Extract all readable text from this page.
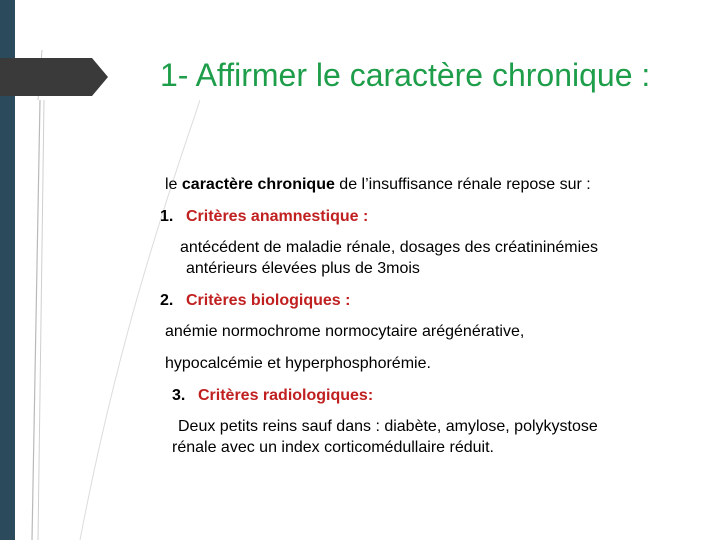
1- Affirmer le caractère chronique :
le caractère chronique de l’insuffisance rénale repose sur :
1. Critères anamnestique :
antécédent de maladie rénale, dosages des créatininémies
antérieurs élevées plus de 3mois
2. Critères biologiques :
anémie normochrome normocytaire arégénérative,
hypocalcémie et hyperphosphorémie.
3. Critères radiologiques:
Deux petits reins sauf dans : diabète, amylose, polykystose
rénale avec un index corticomédullaire réduit.
